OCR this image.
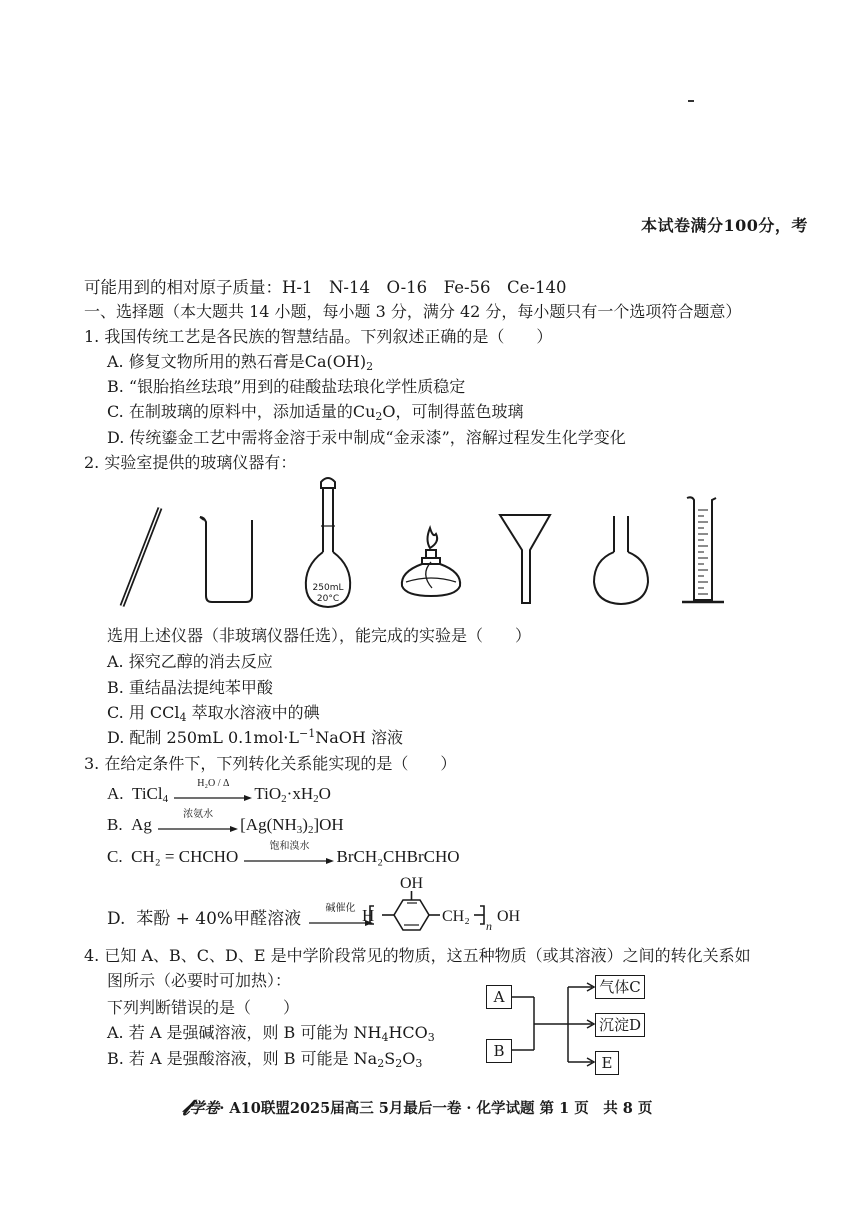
本试卷满分100分，考
可能用到的相对原子质量：H-1　N-14　O-16　Fe-56　Ce-140
一、选择题（本大题共 14 小题，每小题 3 分，满分 42 分，每小题只有一个选项符合题意）
1. 我国传统工艺是各民族的智慧结晶。下列叙述正确的是（　　）
A. 修复文物所用的熟石膏是$Ca(OH)_2$
B. “银胎掐丝珐琅”用到的硅酸盐珐琅化学性质稳定
C. 在制玻璃的原料中，添加适量的$Cu_2O$，可制得蓝色玻璃
D. 传统鎏金工艺中需将金溶于汞中制成“金汞漆”，溶解过程发生化学变化
2. 实验室提供的玻璃仪器有：
250mL
20°C
选用上述仪器（非玻璃仪器任选），能完成的实验是（　　）
A. 探究乙醇的消去反应
B. 重结晶法提纯苯甲酸
C. 用 CCl$_4$ 萃取水溶液中的碘
D. 配制 250mL $0.1mol\cdot L^{-1}NaOH$ 溶液
3. 在给定条件下，下列转化关系能实现的是（　　）
A. TiCl$_4$
H₂O / Δ
$TiO_2\cdot xH_2O$
B. Ag
浓氨水
$[Ag(NH_3)_2]OH$
C. CH₂ = CHCHO
饱和溴水
BrCH₂CHBrCHO
D. 苯酚 + 40%甲醛溶液
碱催化 H
OH
CH₂
n
OH
4. 已知 A、B、C、D、E 是中学阶段常见的物质，这五种物质（或其溶液）之间的转化关系如
图所示（必要时可加热）：
下列判断错误的是（　　）
A. 若 A 是强碱溶液，则 B 可能为 $NH_4HCO_3$
B. 若 A 是强酸溶液，则 B 可能是 $Na_2S_2O_3$
A
B
气体C
沉淀D
E
𝓁学卷· A10联盟2025届高三 5月最后一卷 · 化学试题 第 1 页　共 8 页
